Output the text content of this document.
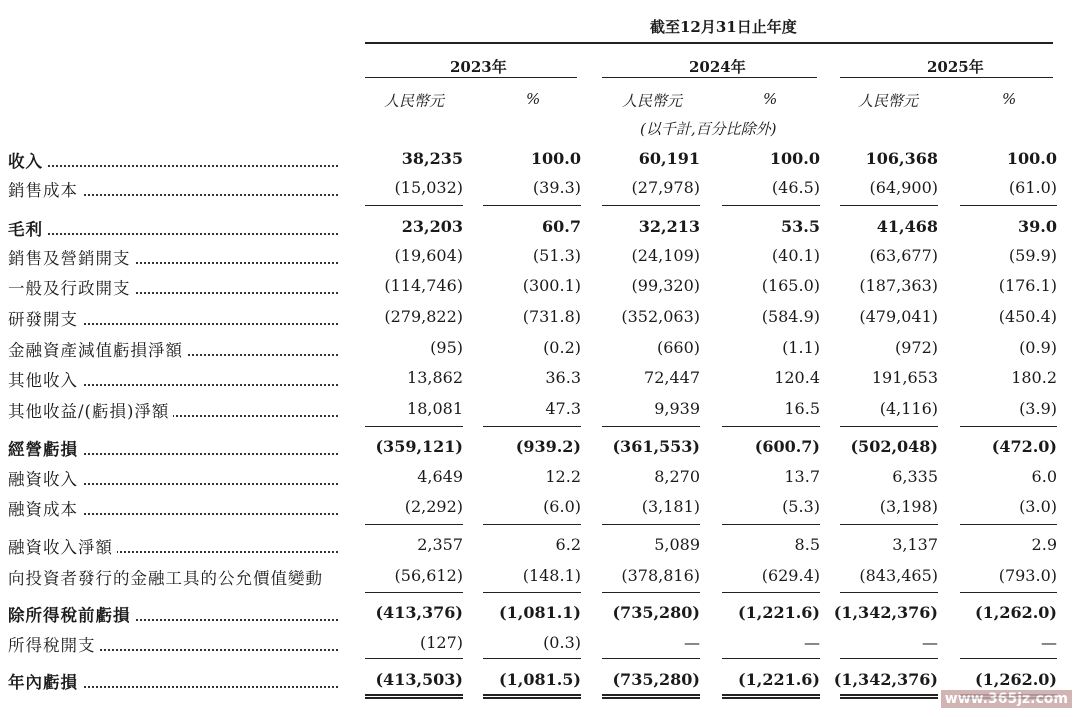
截至12月31日止年度
2023年	2024年	2025年
人民幣元	%	人民幣元	%	人民幣元	%
(以千計,百分比除外)
收入	38,235	100.0	60,191	100.0	106,368	100.0
銷售成本	(15,032)	(39.3)	(27,978)	(46.5)	(64,900)	(61.0)
毛利	23,203	60.7	32,213	53.5	41,468	39.0
銷售及營銷開支	(19,604)	(51.3)	(24,109)	(40.1)	(63,677)	(59.9)
一般及行政開支	(114,746)	(300.1)	(99,320)	(165.0) (187,363)	(176.1)
研發開支	(279,822)	(731.8)	(352,063)	(584.9) (479,041)	(450.4)
金融資產減值虧損淨額	(95)	(0.2)	(660)	(1.1)	(972)	(0.9)
其他收入	13,862	36.3	72,447	120.4	191,653	180.2
其他收益/(虧損)淨額	18,081	47.3	9,939	16.5	(4,116)	(3.9)
經營虧損	(359,121)	(939.2) (361,553)	(600.7) (502,048)	(472.0)
融資收入	4,649	12.2	8,270	13.7	6,335	6.0
融資成本	(2,292)	(6.0)	(3,181)	(5.3)	(3,198)	(3.0)
融資收入淨額	2,357	6.2	5,089	8.5	3,137	2.9
向投資者發行的金融工具的公允價值變動	(56,612)	(148.1)	(378,816)	(629.4) (843,465)	(793.0)
除所得稅前虧損	(413,376) (1,081.1) (735,280) (1,221.6) (1,342,376) (1,262.0)
所得稅開支	(127)	(0.3)	—	—	—	—
年內虧損	(413,503) (1,081.5) (735,280) (1,221.6) (1,342,376) (1,262.0)
www.365jz.com
